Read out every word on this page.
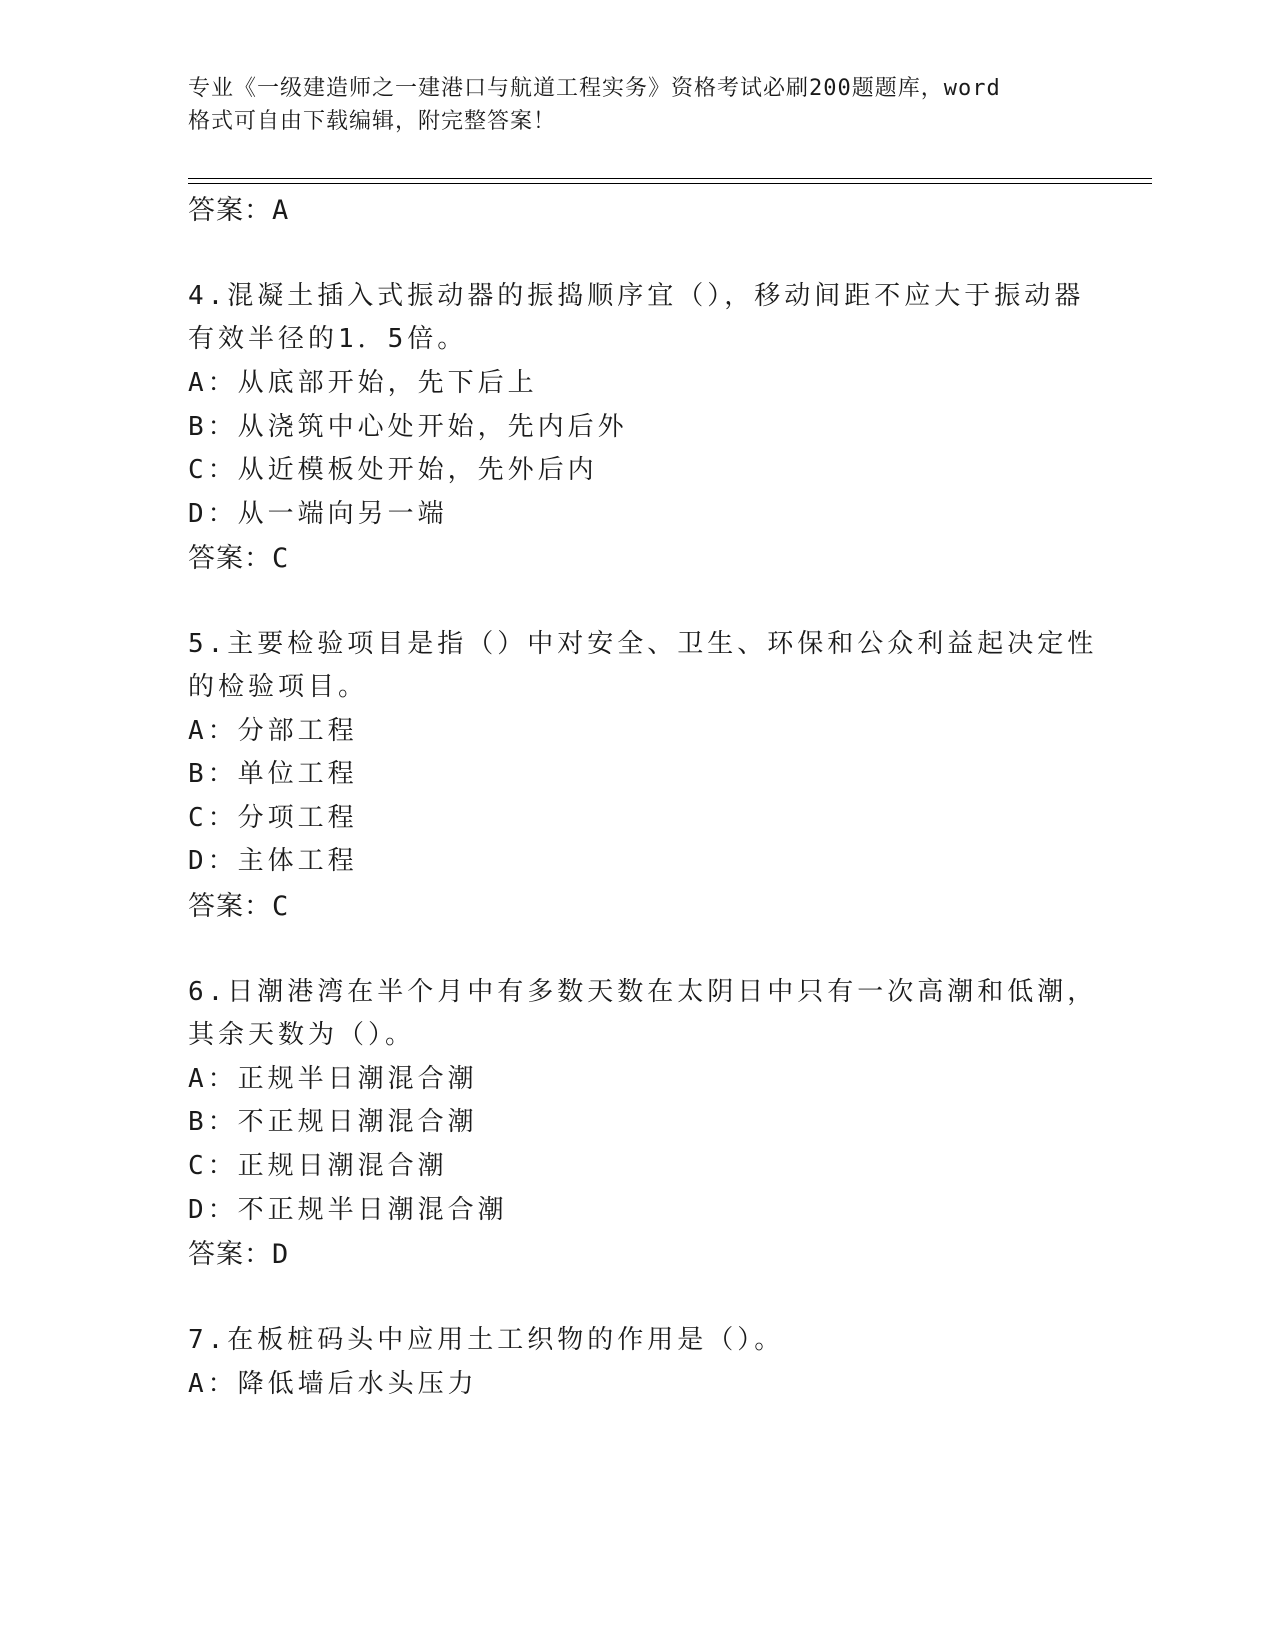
专业《一级建造师之一建港口与航道工程实务》资格考试必刷200题题库，word
格式可自由下载编辑，附完整答案！
答案：A
4.混凝土插入式振动器的振捣顺序宜（），移动间距不应大于振动器
有效半径的1．5倍。
A：从底部开始，先下后上
B：从浇筑中心处开始，先内后外
C：从近模板处开始，先外后内
D：从一端向另一端
答案：C
5.主要检验项目是指（）中对安全、卫生、环保和公众利益起决定性
的检验项目。
A：分部工程
B：单位工程
C：分项工程
D：主体工程
答案：C
6.日潮港湾在半个月中有多数天数在太阴日中只有一次高潮和低潮，
其余天数为（）。
A：正规半日潮混合潮
B：不正规日潮混合潮
C：正规日潮混合潮
D：不正规半日潮混合潮
答案：D
7.在板桩码头中应用土工织物的作用是（）。
A：降低墙后水头压力
